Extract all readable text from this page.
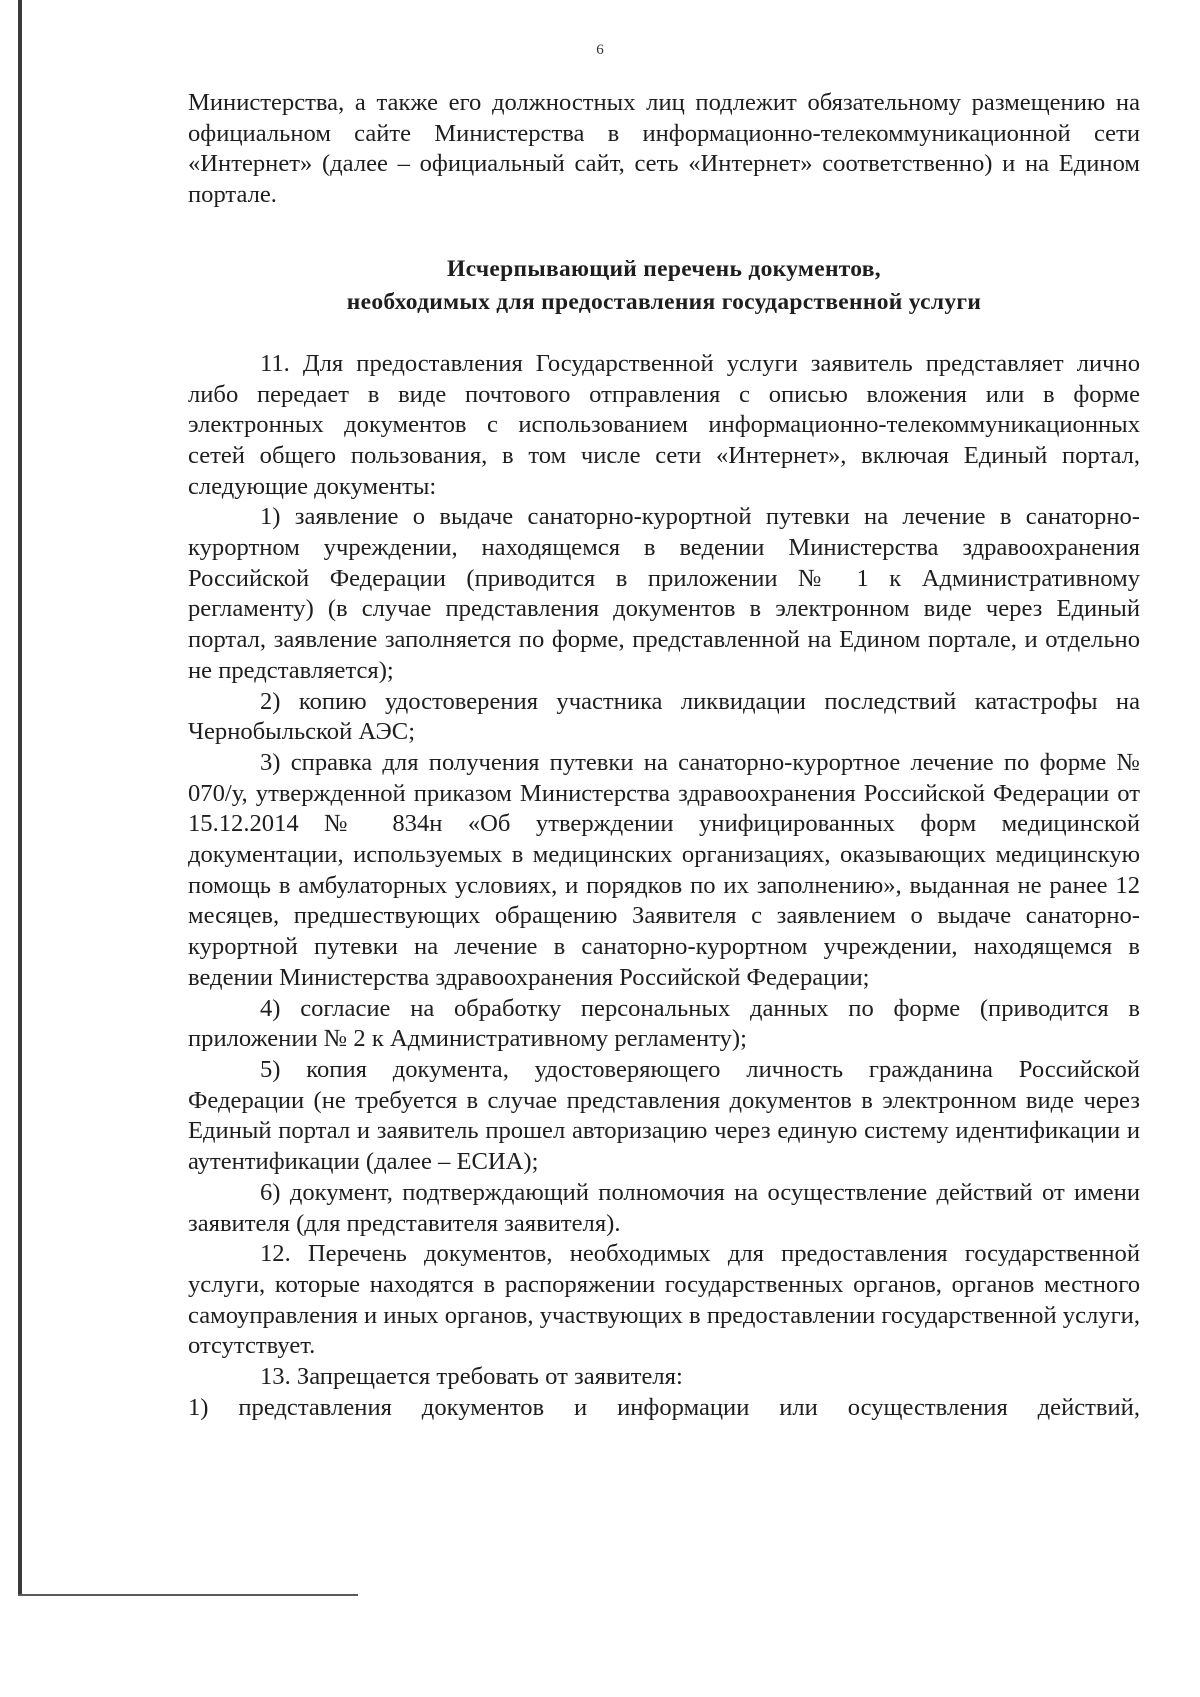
6

Министерства, а также его должностных лиц подлежит обязательному размещению на официальном сайте Министерства в информационно-телекоммуникационной сети «Интернет» (далее – официальный сайт, сеть «Интернет» соответственно) и на Едином портале.

Исчерпывающий перечень документов,
необходимых для предоставления государственной услуги

11. Для предоставления Государственной услуги заявитель представляет лично либо передает в виде почтового отправления с описью вложения или в форме электронных документов с использованием информационно-телекоммуникационных сетей общего пользования, в том числе сети «Интернет», включая Единый портал, следующие документы:

1) заявление о выдаче санаторно-курортной путевки на лечение в санаторно-курортном учреждении, находящемся в ведении Министерства здравоохранения Российской Федерации (приводится в приложении № 1 к Административному регламенту) (в случае представления документов в электронном виде через Единый портал, заявление заполняется по форме, представленной на Едином портале, и отдельно не представляется);

2) копию удостоверения участника ликвидации последствий катастрофы на Чернобыльской АЭС;

3) справка для получения путевки на санаторно-курортное лечение по форме № 070/у, утвержденной приказом Министерства здравоохранения Российской Федерации от 15.12.2014 № 834н «Об утверждении унифицированных форм медицинской документации, используемых в медицинских организациях, оказывающих медицинскую помощь в амбулаторных условиях, и порядков по их заполнению», выданная не ранее 12 месяцев, предшествующих обращению Заявителя с заявлением о выдаче санаторно-курортной путевки на лечение в санаторно-курортном учреждении, находящемся в ведении Министерства здравоохранения Российской Федерации;

4) согласие на обработку персональных данных по форме (приводится в приложении № 2 к Административному регламенту);

5) копия документа, удостоверяющего личность гражданина Российской Федерации (не требуется в случае представления документов в электронном виде через Единый портал и заявитель прошел авторизацию через единую систему идентификации и аутентификации (далее – ЕСИА);

6) документ, подтверждающий полномочия на осуществление действий от имени заявителя (для представителя заявителя).

12. Перечень документов, необходимых для предоставления государственной услуги, которые находятся в распоряжении государственных органов, органов местного самоуправления и иных органов, участвующих в предоставлении государственной услуги, отсутствует.

13. Запрещается требовать от заявителя:

1) представления документов и информации или осуществления действий,
